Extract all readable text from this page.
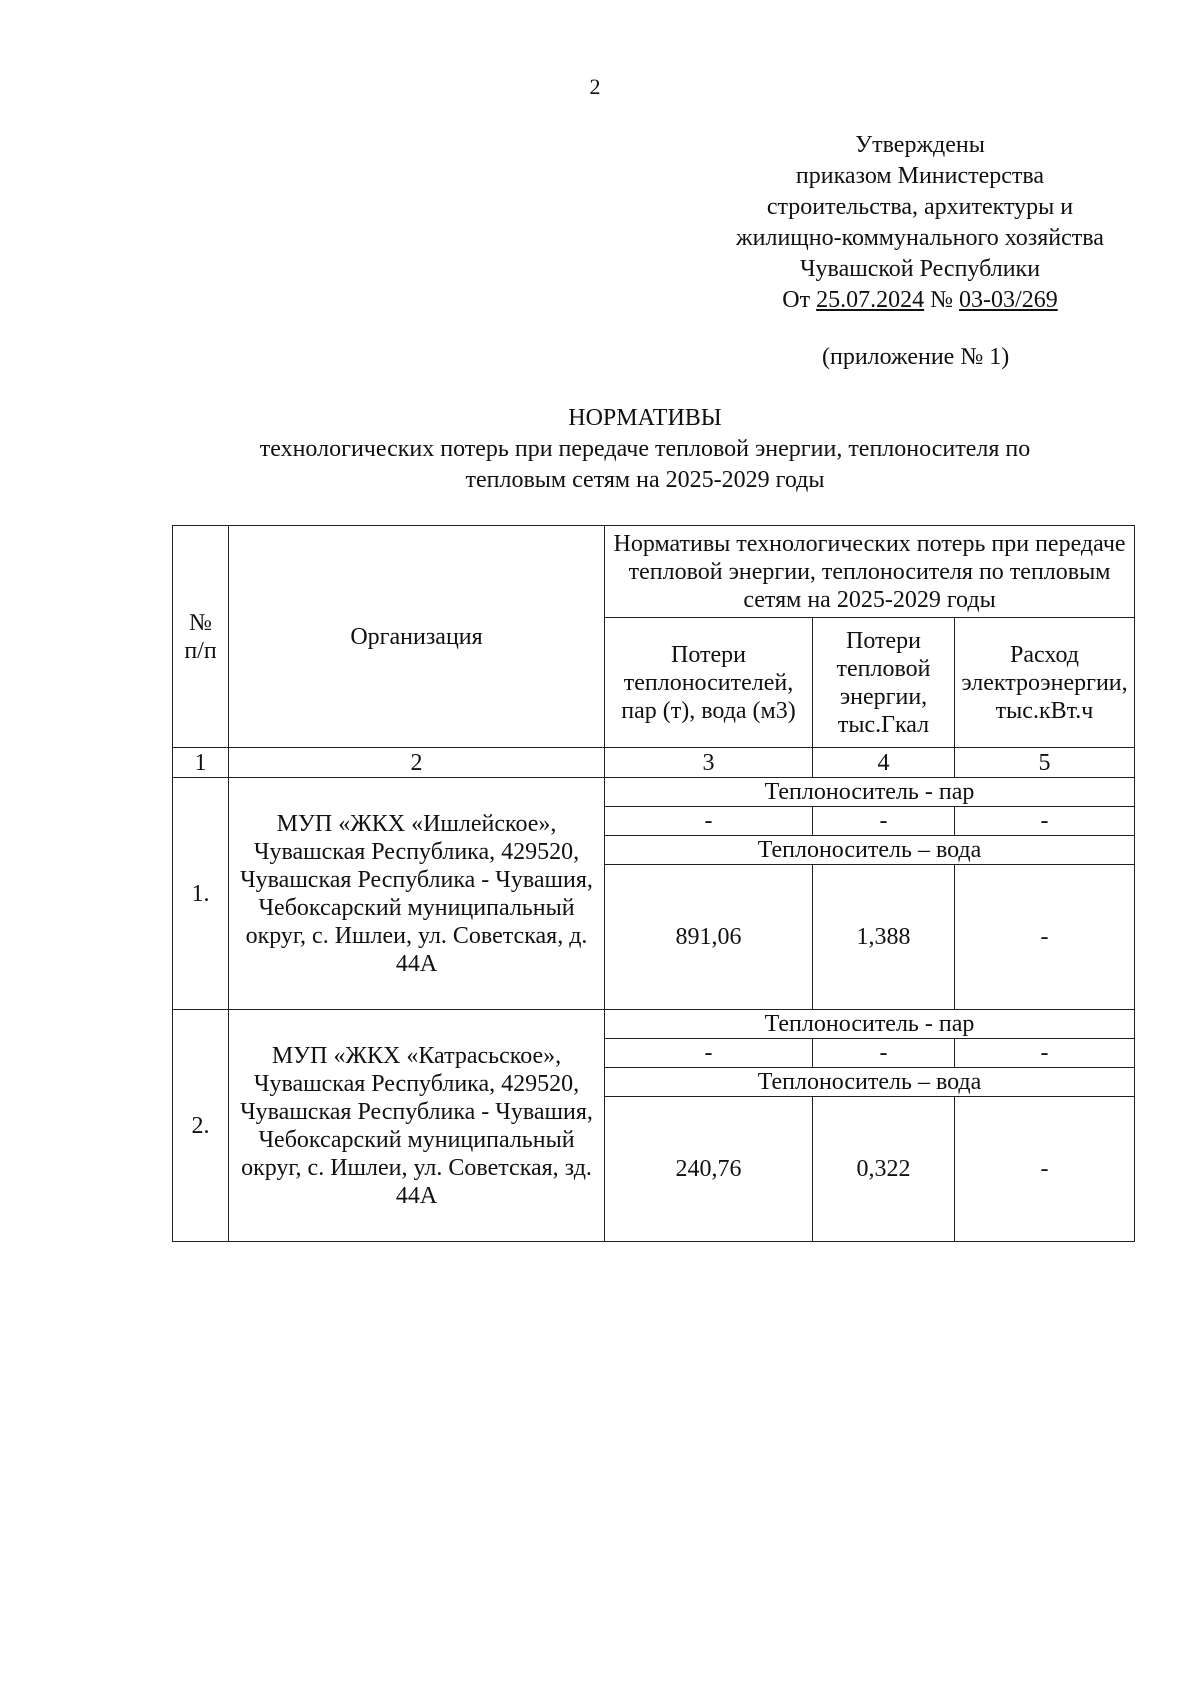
2
Утверждены
приказом Министерства
строительства, архитектуры и
жилищно-коммунального хозяйства
Чувашской Республики
От 25.07.2024 № 03-03/269
(приложение № 1)
НОРМАТИВЫ
технологических потерь при передаче тепловой энергии, теплоносителя по
тепловым сетям на 2025-2029 годы
№ п/п	Организация	Нормативы технологических потерь при передаче тепловой энергии, теплоносителя по тепловым сетям на 2025-2029 годы		
		Потери теплоносителей, пар (т), вода (м3)	Потери тепловой энергии, тыс.Гкал	Расход электроэнергии, тыс.кВт.ч
1	2	3	4	5
1.	МУП «ЖКХ «Ишлейское», Чувашская Республика, 429520, Чувашская Республика - Чувашия, Чебоксарский муниципальный округ, с. Ишлеи, ул. Советская, д. 44А	Теплоноситель - пар		
		-	-	-
		Теплоноситель – вода		
		891,06	1,388	-
2.	МУП «ЖКХ «Катрасьское», Чувашская Республика, 429520, Чувашская Республика - Чувашия, Чебоксарский муниципальный округ, с. Ишлеи, ул. Советская, зд. 44А	Теплоноситель - пар		
		-	-	-
		Теплоноситель – вода		
		240,76	0,322	-
